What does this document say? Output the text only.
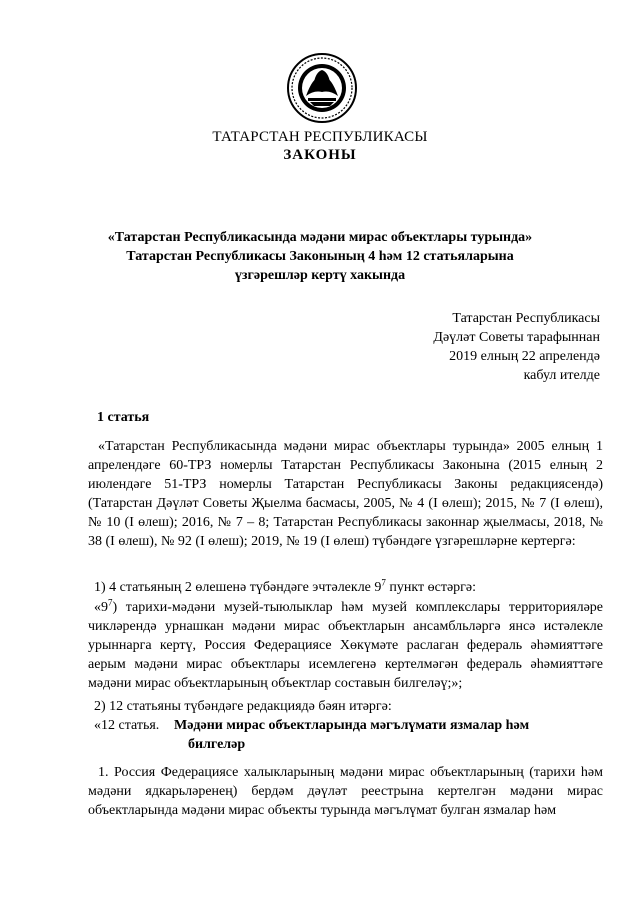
ТАТАРСТАН РЕСПУБЛИКАСЫ
ЗАКОНЫ
«Татарстан Республикасында мәдәни мирас объектлары турында»
Татарстан Республикасы Законының 4 һәм 12 статьяларына
үзгәрешләр кертү хакында
Татарстан Республикасы
Дәүләт Советы тарафыннан
2019 елның 22 апрелендә
кабул ителде
1 статья

«Татарстан Республикасында мәдәни мирас объектлары турында» 2005 елның 1 апрелендәге 60-ТРЗ номерлы Татарстан Республикасы Законына (2015 елның 2 июлендәге 51-ТРЗ номерлы Татарстан Республикасы Законы редакциясендә) (Татарстан Дәүләт Советы Җыелма басмасы, 2005, № 4 (I өлеш); 2015, № 7 (I өлеш), № 10 (I өлеш); 2016, № 7 – 8; Татарстан Республикасы законнар җыелмасы, 2018, № 38 (I өлеш), № 92 (I өлеш); 2019, № 19 (I өлеш) түбәндәге үзгәрешләрне кертергә:

1) 4 статьяның 2 өлешенә түбәндәге эчтәлекле $9^7$ пункт өстәргә:

«$9^7$) тарихи-мәдәни музей-тыюлыклар һәм музей комплекслары территорияләре чикләрендә урнашкан мәдәни мирас объектларын ансамбльләргә янсә истәлекле урыннарга кертү, Россия Федерациясе Хөкүмәте раслаган федераль әһәмияттәге аерым мәдәни мирас объектлары исемлегенә кертелмәгән федераль әһәмияттәге мәдәни мирас объектларының объектлар составын билгеләү;»;

2) 12 статьяны түбәндәге редакциядә бәян итәргә:

«12 статья. Мәдәни мирас объектларында мәгълүмати язмалар һәм
билгеләр

1. Россия Федерациясе халыкларының мәдәни мирас объектларының (тарихи һәм мәдәни ядкарьләренең) бердәм дәүләт реестрына кертелгән мәдәни мирас объектларында мәдәни мирас объекты турында мәгълүмат булган язмалар һәм
